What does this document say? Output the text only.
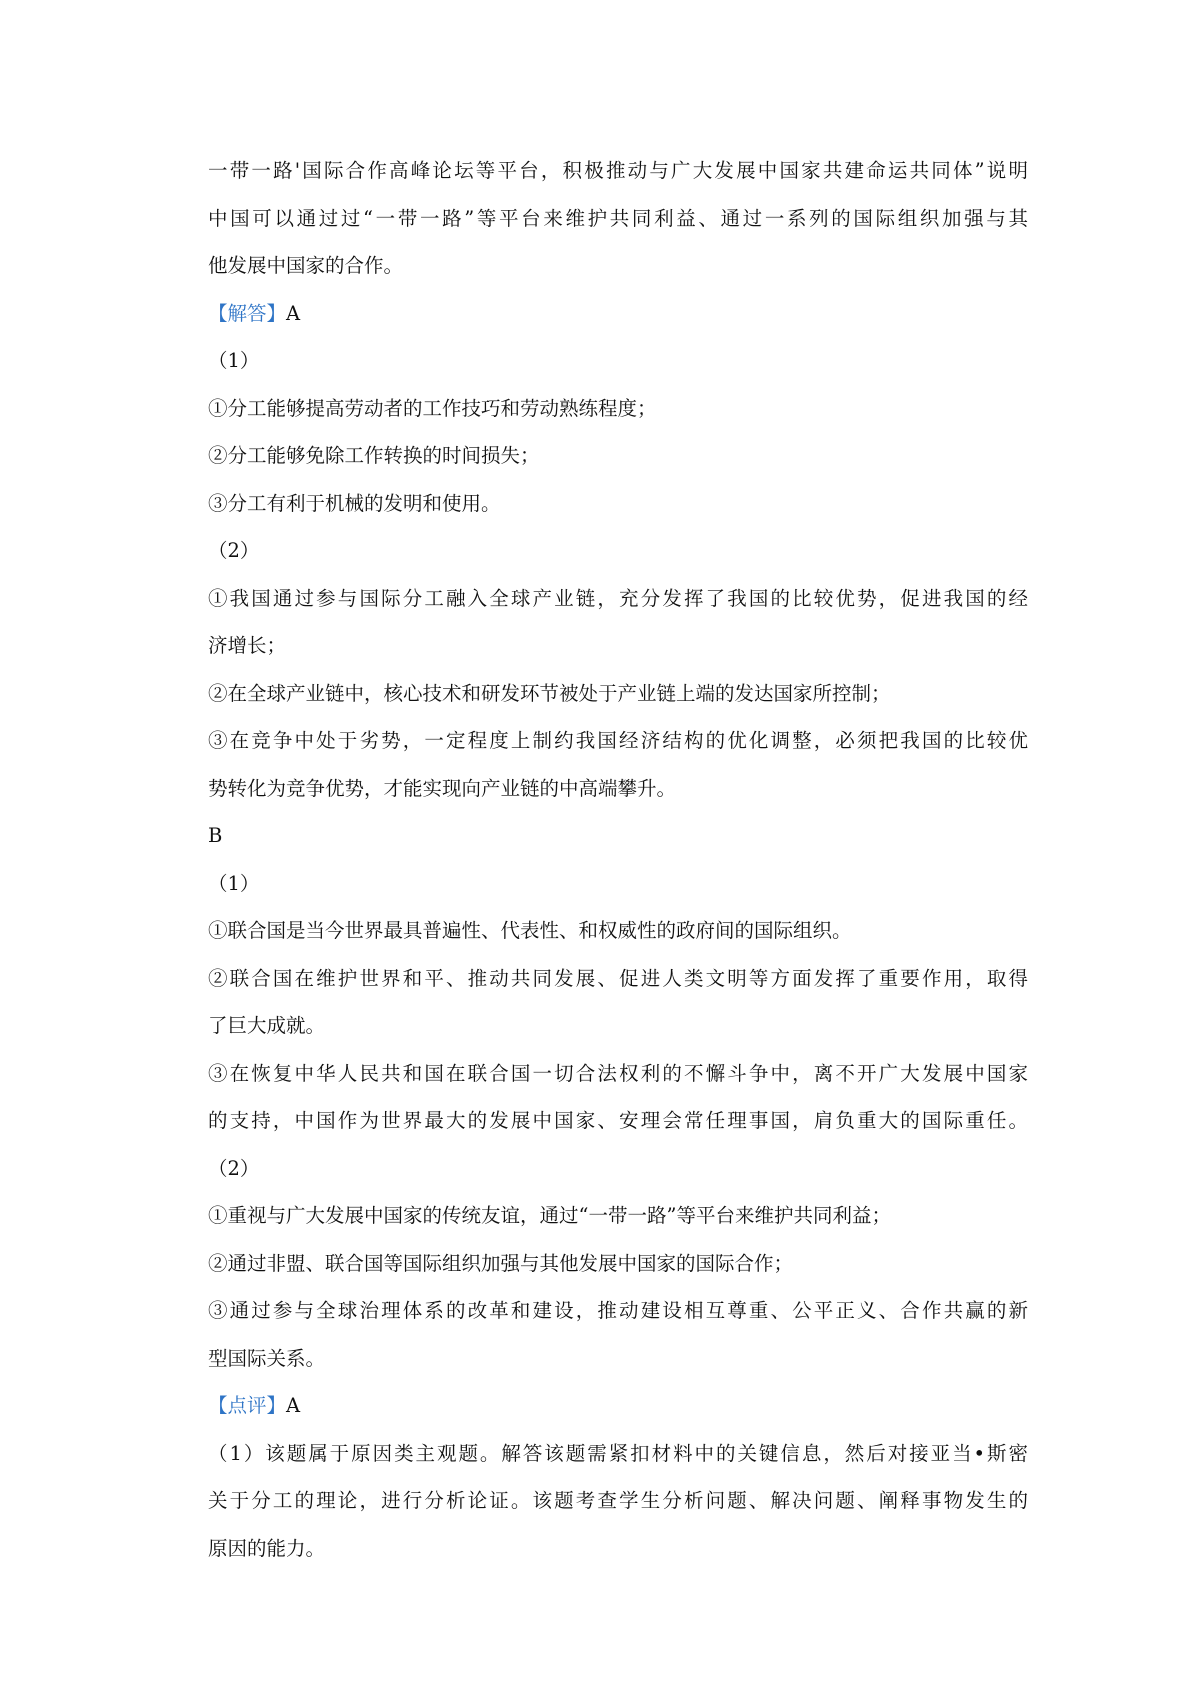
一带一路'国际合作高峰论坛等平台，积极推动与广大发展中国家共建命运共同体”说明
中国可以通过过“一带一路”等平台来维护共同利益、通过一系列的国际组织加强与其
他发展中国家的合作。
【解答】A
（1）
①分工能够提高劳动者的工作技巧和劳动熟练程度；
②分工能够免除工作转换的时间损失；
③分工有利于机械的发明和使用。
（2）
①我国通过参与国际分工融入全球产业链，充分发挥了我国的比较优势，促进我国的经
济增长；
②在全球产业链中，核心技术和研发环节被处于产业链上端的发达国家所控制；
③在竞争中处于劣势，一定程度上制约我国经济结构的优化调整，必须把我国的比较优
势转化为竞争优势，才能实现向产业链的中高端攀升。
B
（1）
①联合国是当今世界最具普遍性、代表性、和权威性的政府间的国际组织。
②联合国在维护世界和平、推动共同发展、促进人类文明等方面发挥了重要作用，取得
了巨大成就。
③在恢复中华人民共和国在联合国一切合法权利的不懈斗争中，离不开广大发展中国家
的支持，中国作为世界最大的发展中国家、安理会常任理事国，肩负重大的国际重任。
（2）
①重视与广大发展中国家的传统友谊，通过“一带一路”等平台来维护共同利益；
②通过非盟、联合国等国际组织加强与其他发展中国家的国际合作；
③通过参与全球治理体系的改革和建设，推动建设相互尊重、公平正义、合作共赢的新
型国际关系。
【点评】A
（1）该题属于原因类主观题。解答该题需紧扣材料中的关键信息，然后对接亚当•斯密
关于分工的理论，进行分析论证。该题考查学生分析问题、解决问题、阐释事物发生的
原因的能力。
